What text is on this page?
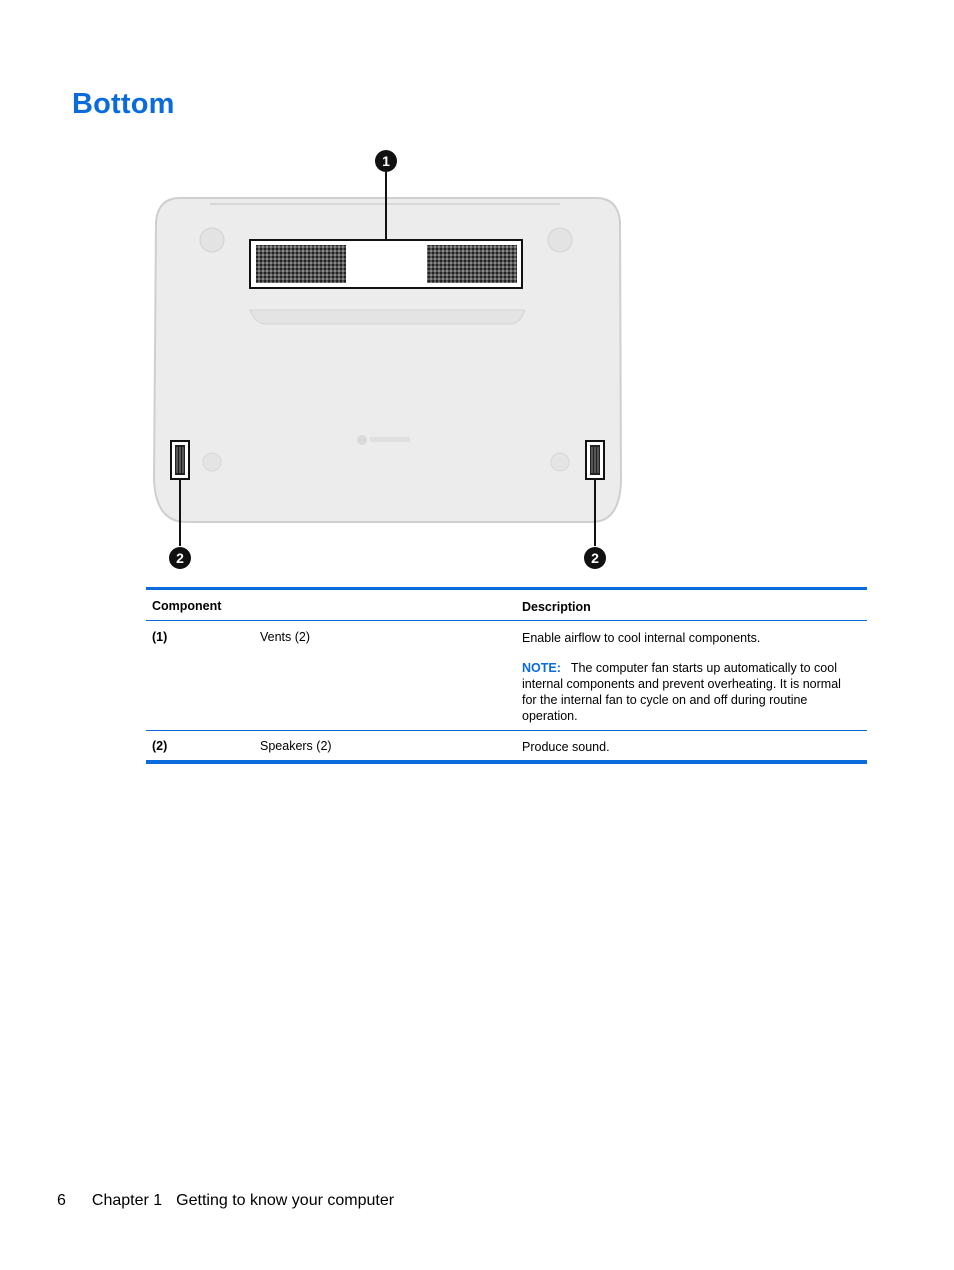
Bottom
1
2	2
Component	Description
(1)	Vents (2)	Enable airflow to cool internal components.
NOTE: The computer fan starts up automatically to cool internal components and prevent overheating. It is normal for the internal fan to cycle on and off during routine operation.
(2)	Speakers (2)	Produce sound.
6 Chapter 1 Getting to know your computer
